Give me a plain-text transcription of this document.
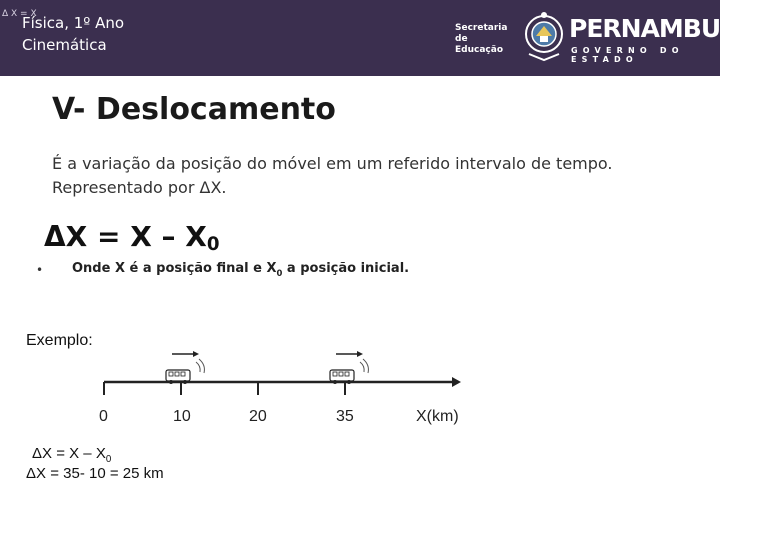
Δ X = X
Física, 1º Ano
Cinemática
Secretaria de
Educação
PERNAMBUCO
GOVERNO DO ESTADO
V- Deslocamento
É a variação da posição do móvel em um referido intervalo de tempo.
Representado por ΔX.
$\Delta X = X - X_0$
• Onde X é a posição final e $X_0$ a posição inicial.
Exemplo:
0	10	20	35	X(km)
$\Delta X = X - X_0$
ΔX = 35- 10 = 25 km
